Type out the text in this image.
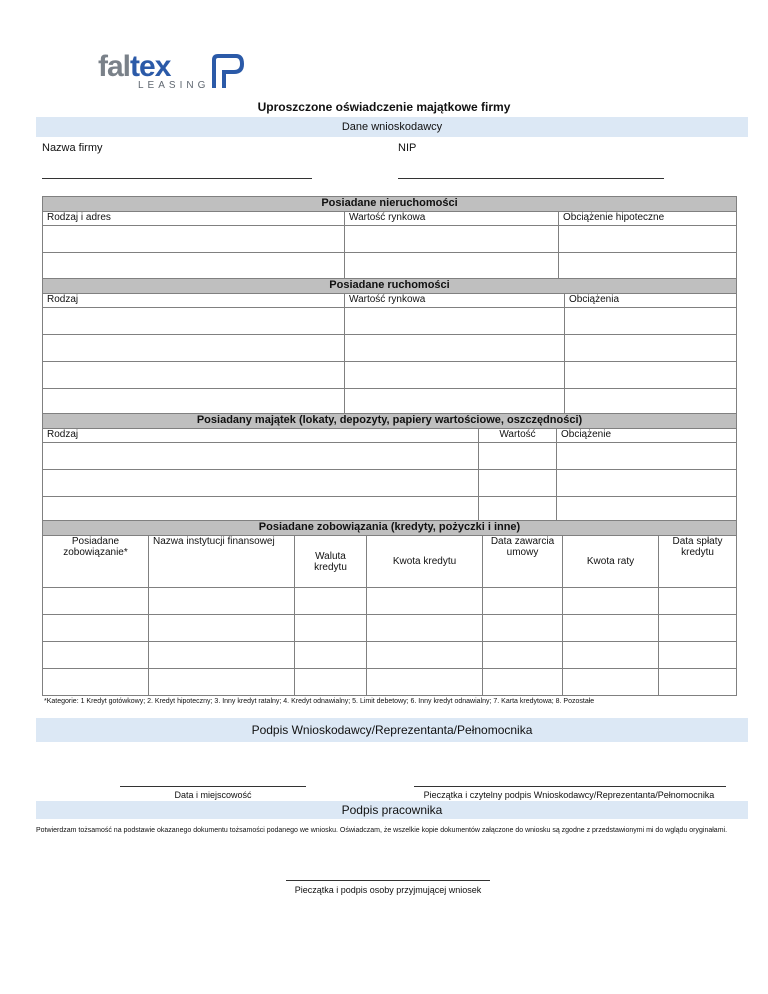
faltex
LEASING
Uproszczone oświadczenie majątkowe firmy
Dane wnioskodawcy
Nazwa firmy	NIP
Posiadane nieruchomości		
Rodzaj i adres	Wartość rynkowa	Obciążenie hipoteczne

Posiadane ruchomości		
Rodzaj	Wartość rynkowa	Obciążenia

Posiadany majątek (lokaty, depozyty, papiery wartościowe, oszczędności)		
Rodzaj	Wartość	Obciążenie

Posiadane zobowiązania (kredyty, pożyczki i inne)						
Posiadane zobowiązanie*	Nazwa instytucji finansowej	Waluta kredytu	Kwota kredytu	Data zawarcia umowy	Kwota raty	Data spłaty kredytu

*Kategorie: 1 Kredyt gotówkowy; 2. Kredyt hipoteczny; 3. Inny kredyt ratalny; 4. Kredyt odnawialny; 5. Limit debetowy; 6. Inny kredyt odnawialny; 7. Karta kredytowa; 8. Pozostałe
Podpis Wnioskodawcy/Reprezentanta/Pełnomocnika
Data i miejscowość	Pieczątka i czytelny podpis Wnioskodawcy/Reprezentanta/Pełnomocnika
Podpis pracownika
Potwierdzam tożsamość na podstawie okazanego dokumentu tożsamości podanego we wniosku. Oświadczam, że wszelkie kopie dokumentów załączone do wniosku są zgodne z przedstawionymi mi do wglądu oryginałami.
Pieczątka i podpis osoby przyjmującej wniosek
